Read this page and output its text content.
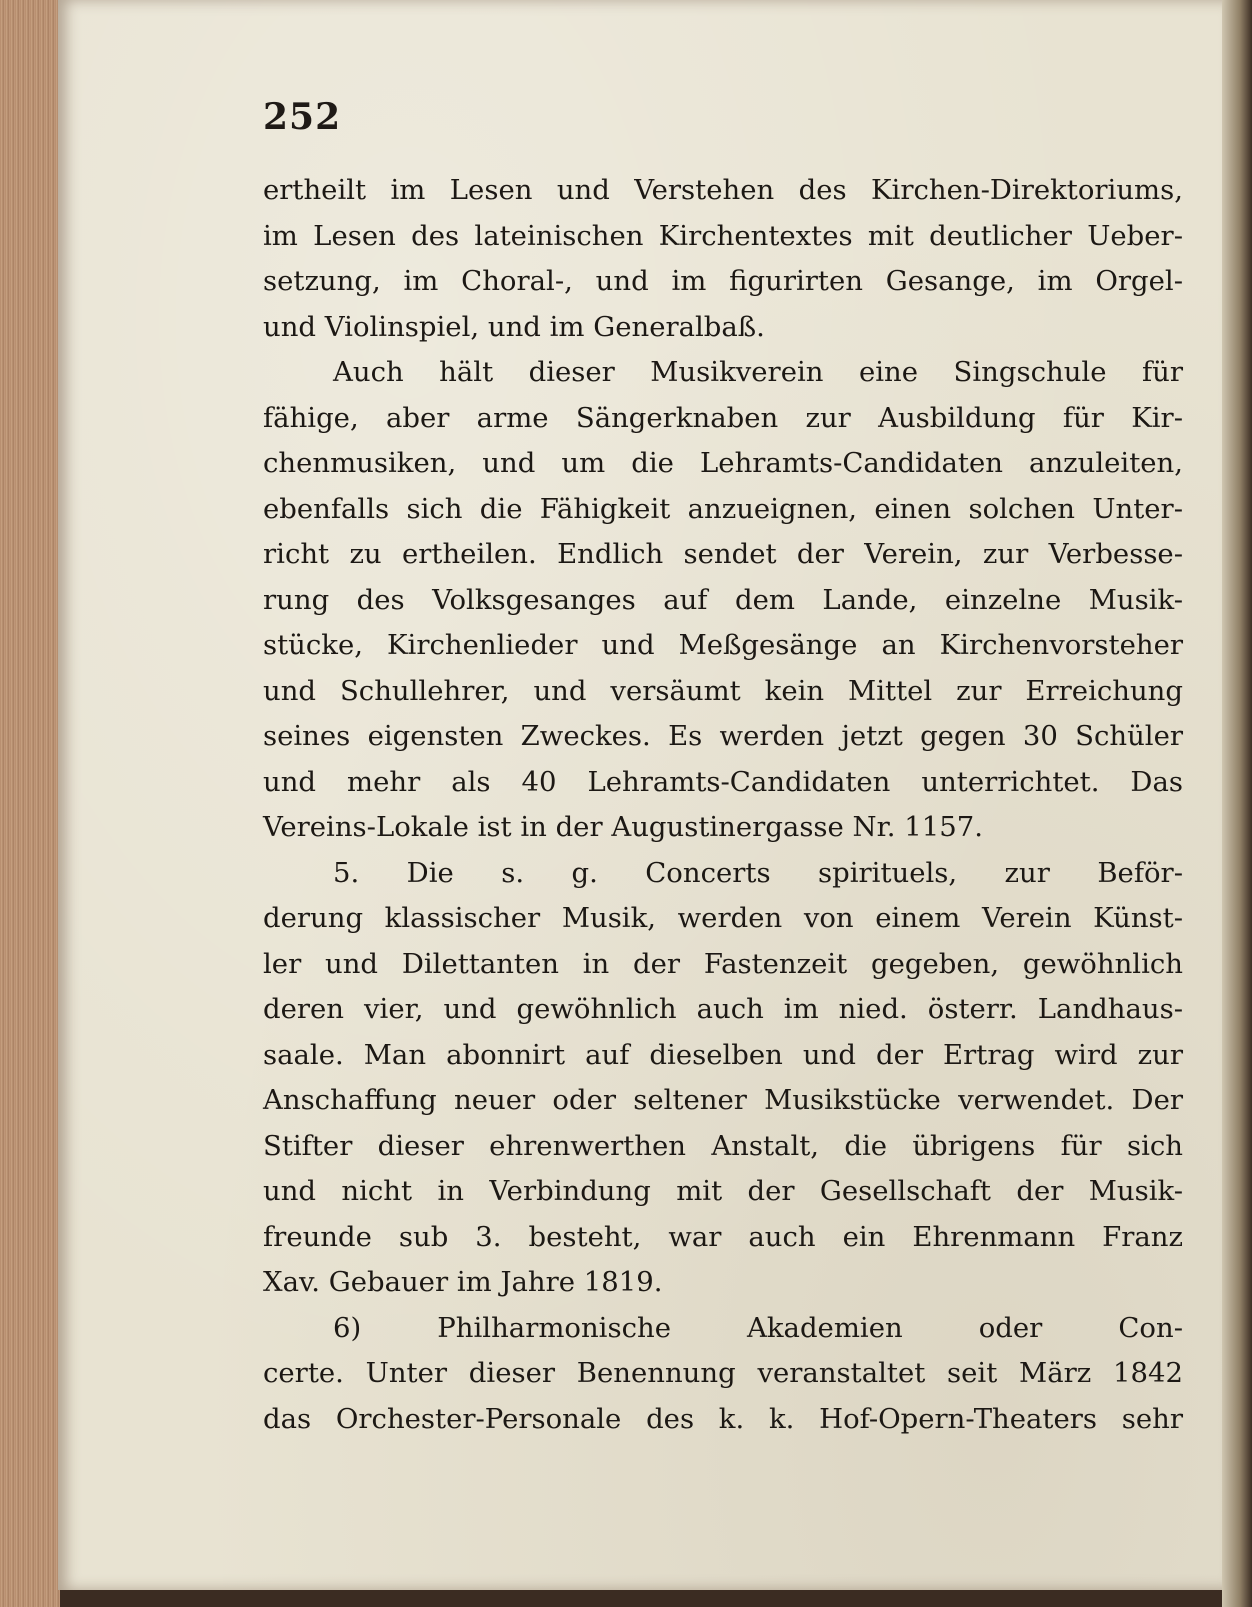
252
ertheilt im Lesen und Verstehen des Kirchen-Direktoriums,
im Lesen des lateinischen Kirchentextes mit deutlicher Ueber-
setzung, im Choral-, und im figurirten Gesange, im Orgel-
und Violinspiel, und im Generalbaß.
Auch hält dieser Musikverein eine Singschule für
fähige, aber arme Sängerknaben zur Ausbildung für Kir-
chenmusiken, und um die Lehramts-Candidaten anzuleiten,
ebenfalls sich die Fähigkeit anzueignen, einen solchen Unter-
richt zu ertheilen. Endlich sendet der Verein, zur Verbesse-
rung des Volksgesanges auf dem Lande, einzelne Musik-
stücke, Kirchenlieder und Meßgesänge an Kirchenvorsteher
und Schullehrer, und versäumt kein Mittel zur Erreichung
seines eigensten Zweckes. Es werden jetzt gegen 30 Schüler
und mehr als 40 Lehramts-Candidaten unterrichtet. Das
Vereins-Lokale ist in der Augustinergasse Nr. 1157.
5. Die s. g. Concerts spirituels, zur Beför-
derung klassischer Musik, werden von einem Verein Künst-
ler und Dilettanten in der Fastenzeit gegeben, gewöhnlich
deren vier, und gewöhnlich auch im nied. österr. Landhaus-
saale. Man abonnirt auf dieselben und der Ertrag wird zur
Anschaffung neuer oder seltener Musikstücke verwendet. Der
Stifter dieser ehrenwerthen Anstalt, die übrigens für sich
und nicht in Verbindung mit der Gesellschaft der Musik-
freunde sub 3. besteht, war auch ein Ehrenmann Franz
Xav. Gebauer im Jahre 1819.
6) Philharmonische Akademien oder Con-
certe. Unter dieser Benennung veranstaltet seit März 1842
das Orchester-Personale des k. k. Hof-Opern-Theaters sehr
